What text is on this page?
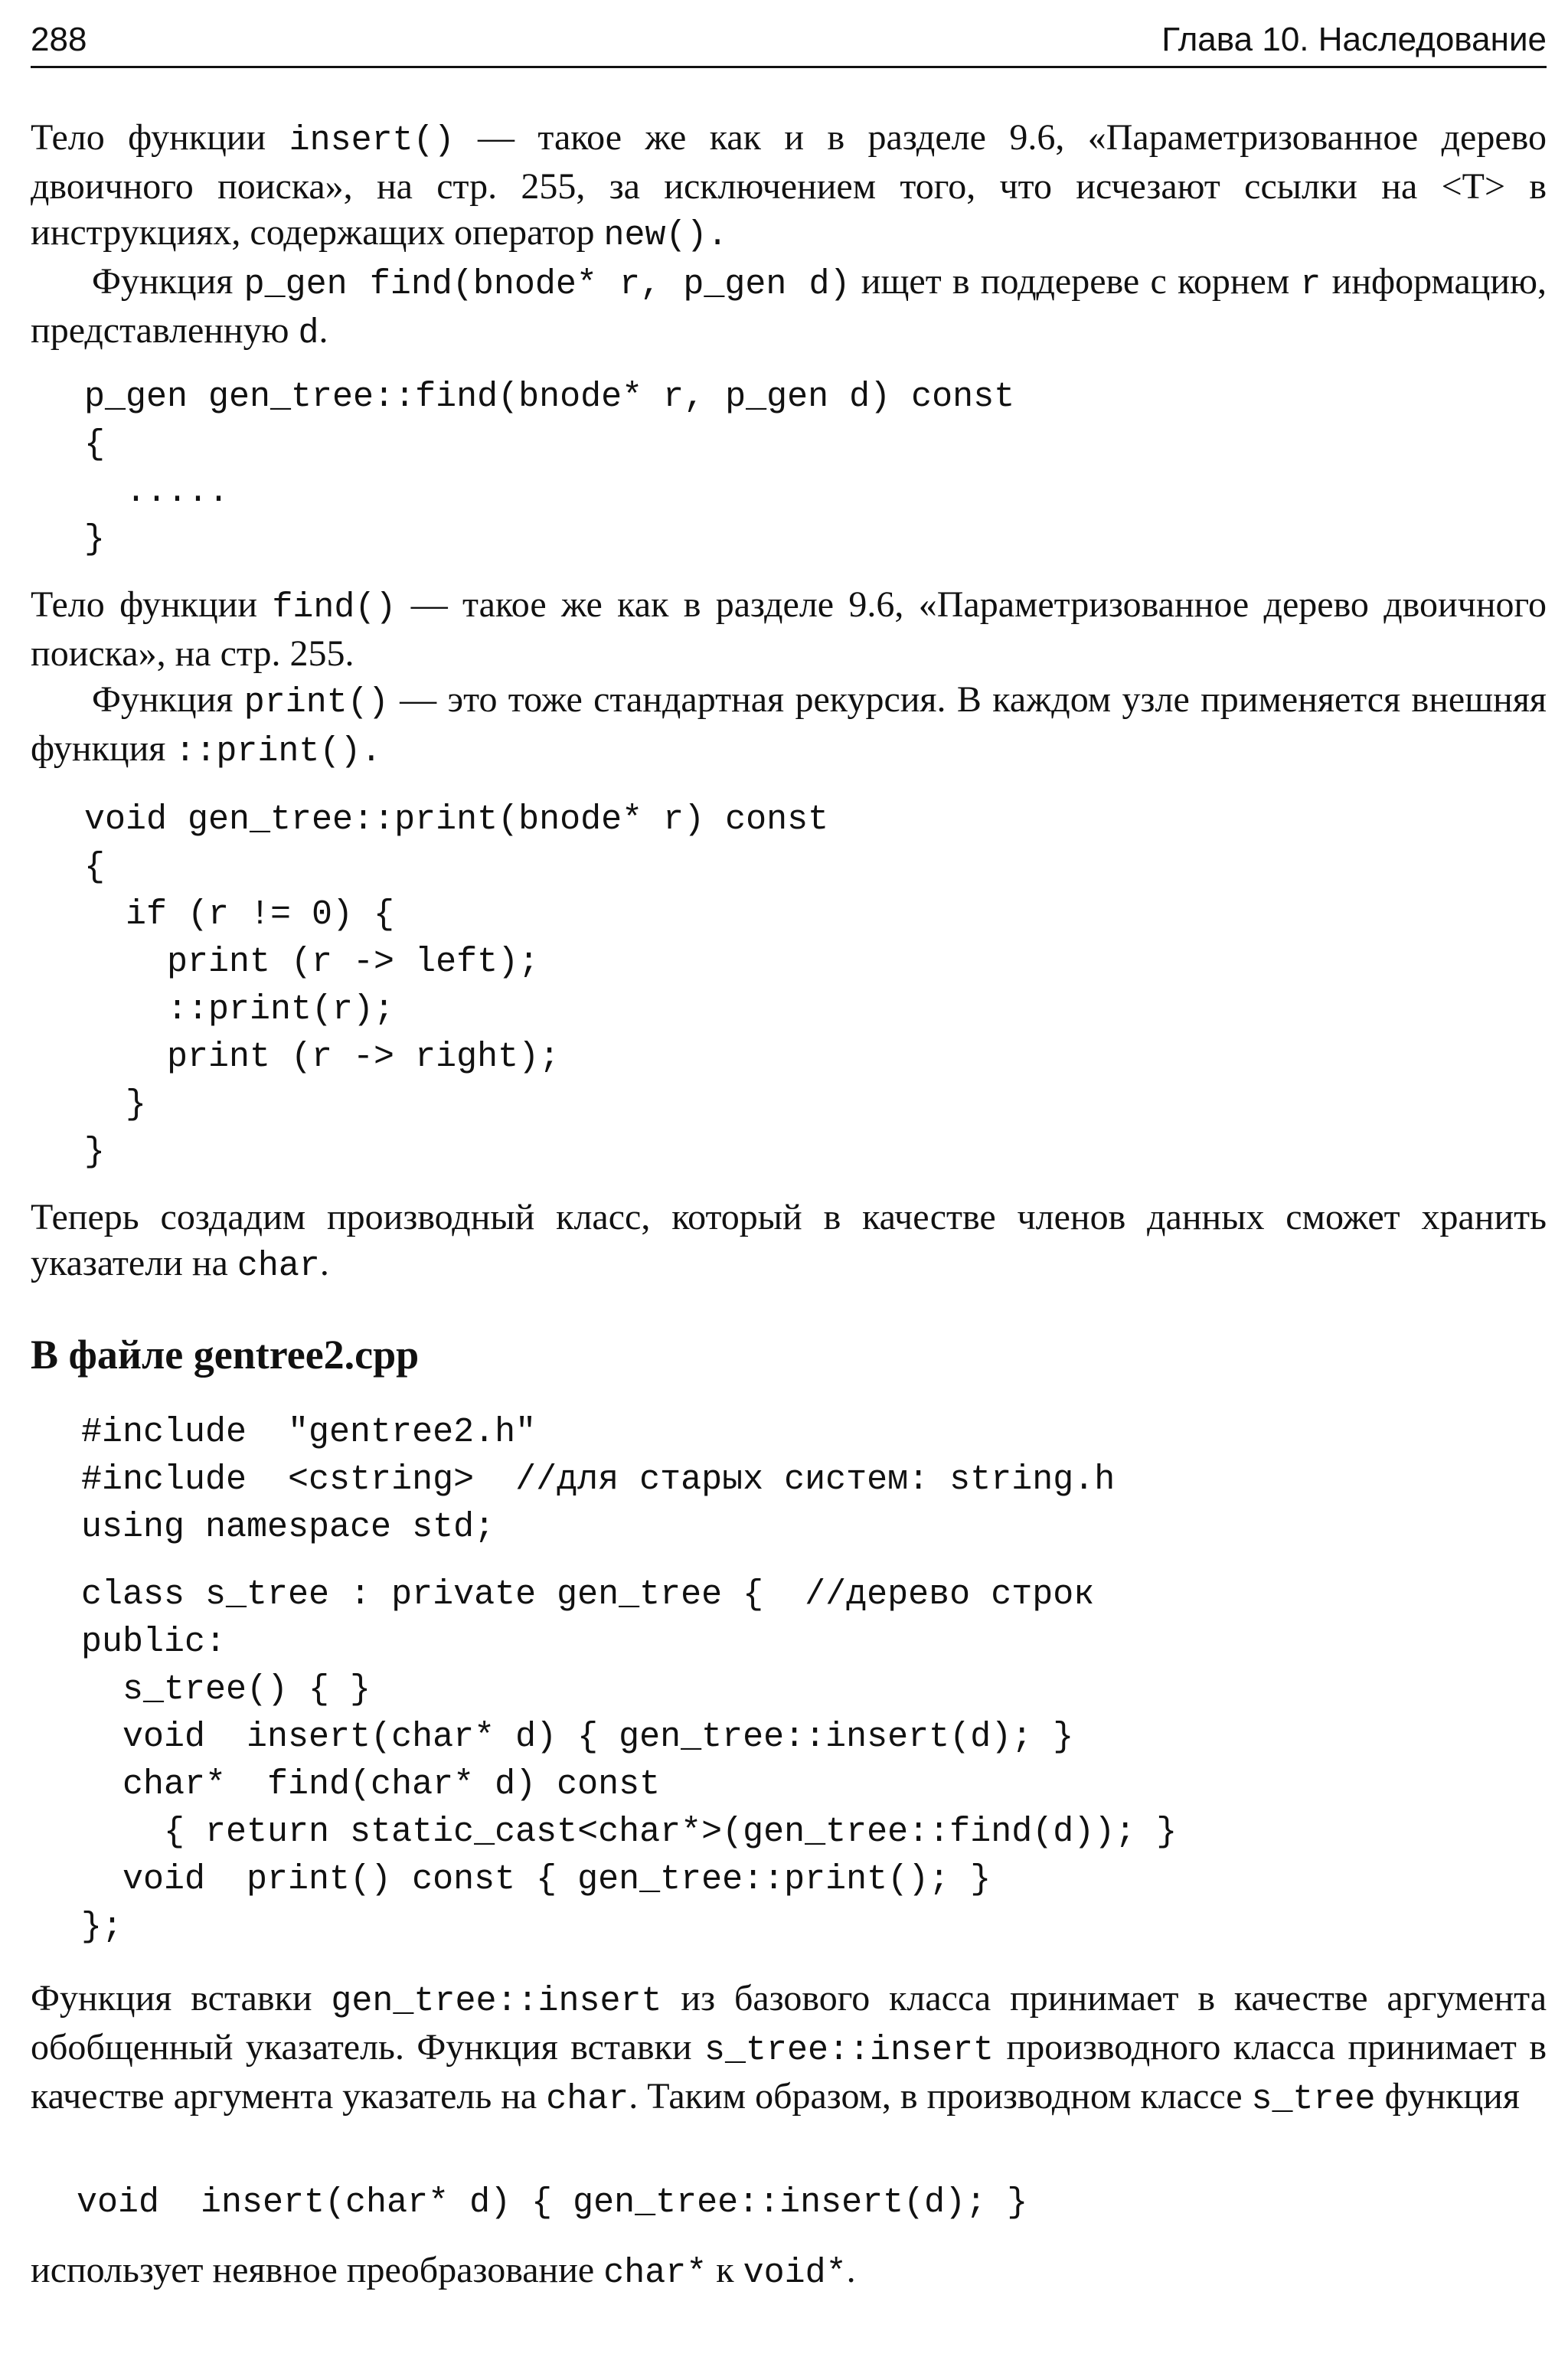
288	Глава 10. Наследование

Тело функции insert() — такое же как и в разделе 9.6, «Параметризованное дерево двоичного поиска», на стр. 255, за исключением того, что исчезают ссылки на <T> в инструкциях, содержащих оператор new().

Функция p_gen find(bnode* r, p_gen d) ищет в поддереве с корнем r информацию, представленную d.

p_gen gen_tree::find(bnode* r, p_gen d) const
{
.....
}

Тело функции find() — такое же как в разделе 9.6, «Параметризованное дерево двоичного поиска», на стр. 255.

Функция print() — это тоже стандартная рекурсия. В каждом узле применяется внешняя функция ::print().

void gen_tree::print(bnode* r) const
{
if (r != 0) {
print (r -> left);
::print(r);
print (r -> right);
}
}

Теперь создадим производный класс, который в качестве членов данных сможет хранить указатели на char.

В файле gentree2.cpp
#include  "gentree2.h"
#include  <cstring>  //для старых систем: string.h
using namespace std;
class s_tree : private gen_tree {  //дерево строк
public:
s_tree() { }
void  insert(char* d) { gen_tree::insert(d); }
char*  find(char* d) const
{ return static_cast<char*>(gen_tree::find(d)); }
void  print() const { gen_tree::print(); }
};

Функция вставки gen_tree::insert из базового класса принимает в качестве аргумента обобщенный указатель. Функция вставки s_tree::insert производного класса принимает в качестве аргумента указатель на char. Таким образом, в производном классе s_tree функция

void  insert(char* d) { gen_tree::insert(d); }

использует неявное преобразование char* к void*.
